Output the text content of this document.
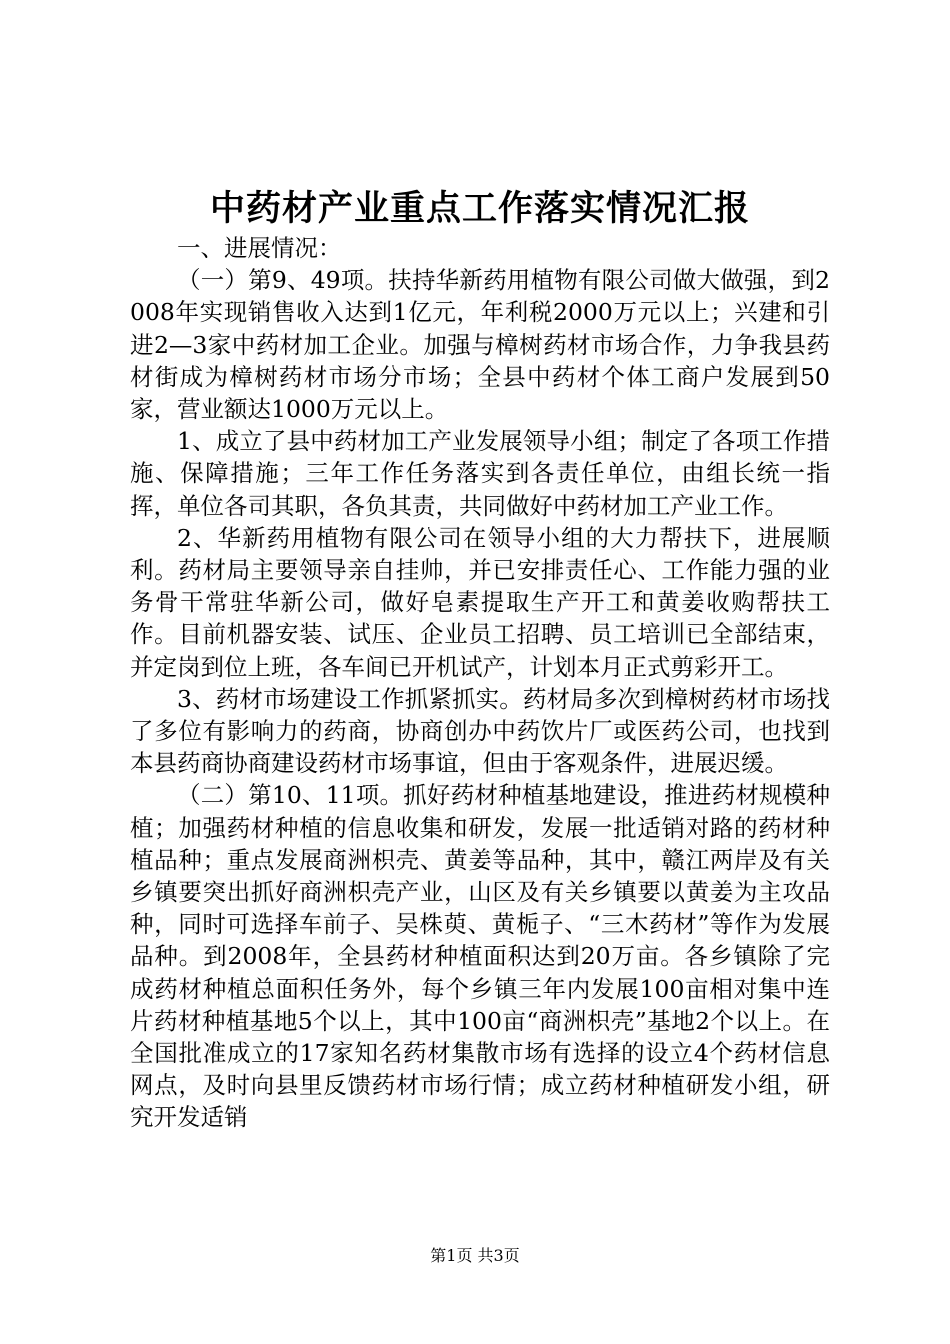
中药材产业重点工作落实情况汇报

一、进展情况：

（一）第9、49项。扶持华新药用植物有限公司做大做强，到2008年实现销售收入达到1亿元，年利税2000万元以上；兴建和引进2—3家中药材加工企业。加强与樟树药材市场合作，力争我县药材街成为樟树药材市场分市场；全县中药材个体工商户发展到50家，营业额达1000万元以上。

1、成立了县中药材加工产业发展领导小组；制定了各项工作措施、保障措施；三年工作任务落实到各责任单位，由组长统一指挥，单位各司其职，各负其责，共同做好中药材加工产业工作。

2、华新药用植物有限公司在领导小组的大力帮扶下，进展顺利。药材局主要领导亲自挂帅，并已安排责任心、工作能力强的业务骨干常驻华新公司，做好皂素提取生产开工和黄姜收购帮扶工作。目前机器安装、试压、企业员工招聘、员工培训已全部结束，并定岗到位上班，各车间已开机试产，计划本月正式剪彩开工。

3、药材市场建设工作抓紧抓实。药材局多次到樟树药材市场找了多位有影响力的药商，协商创办中药饮片厂或医药公司，也找到本县药商协商建设药材市场事谊，但由于客观条件，进展迟缓。

（二）第10、11项。抓好药材种植基地建设，推进药材规模种植；加强药材种植的信息收集和研发，发展一批适销对路的药材种植品种；重点发展商洲枳壳、黄姜等品种，其中，赣江两岸及有关乡镇要突出抓好商洲枳壳产业，山区及有关乡镇要以黄姜为主攻品种，同时可选择车前子、吴株萸、黄栀子、“三木药材”等作为发展品种。到2008年，全县药材种植面积达到20万亩。各乡镇除了完成药材种植总面积任务外，每个乡镇三年内发展100亩相对集中连片药材种植基地5个以上，其中100亩“商洲枳壳”基地2个以上。在全国批准成立的17家知名药材集散市场有选择的设立4个药材信息网点，及时向县里反馈药材市场行情；成立药材种植研发小组，研究开发适销

第1页 共3页
